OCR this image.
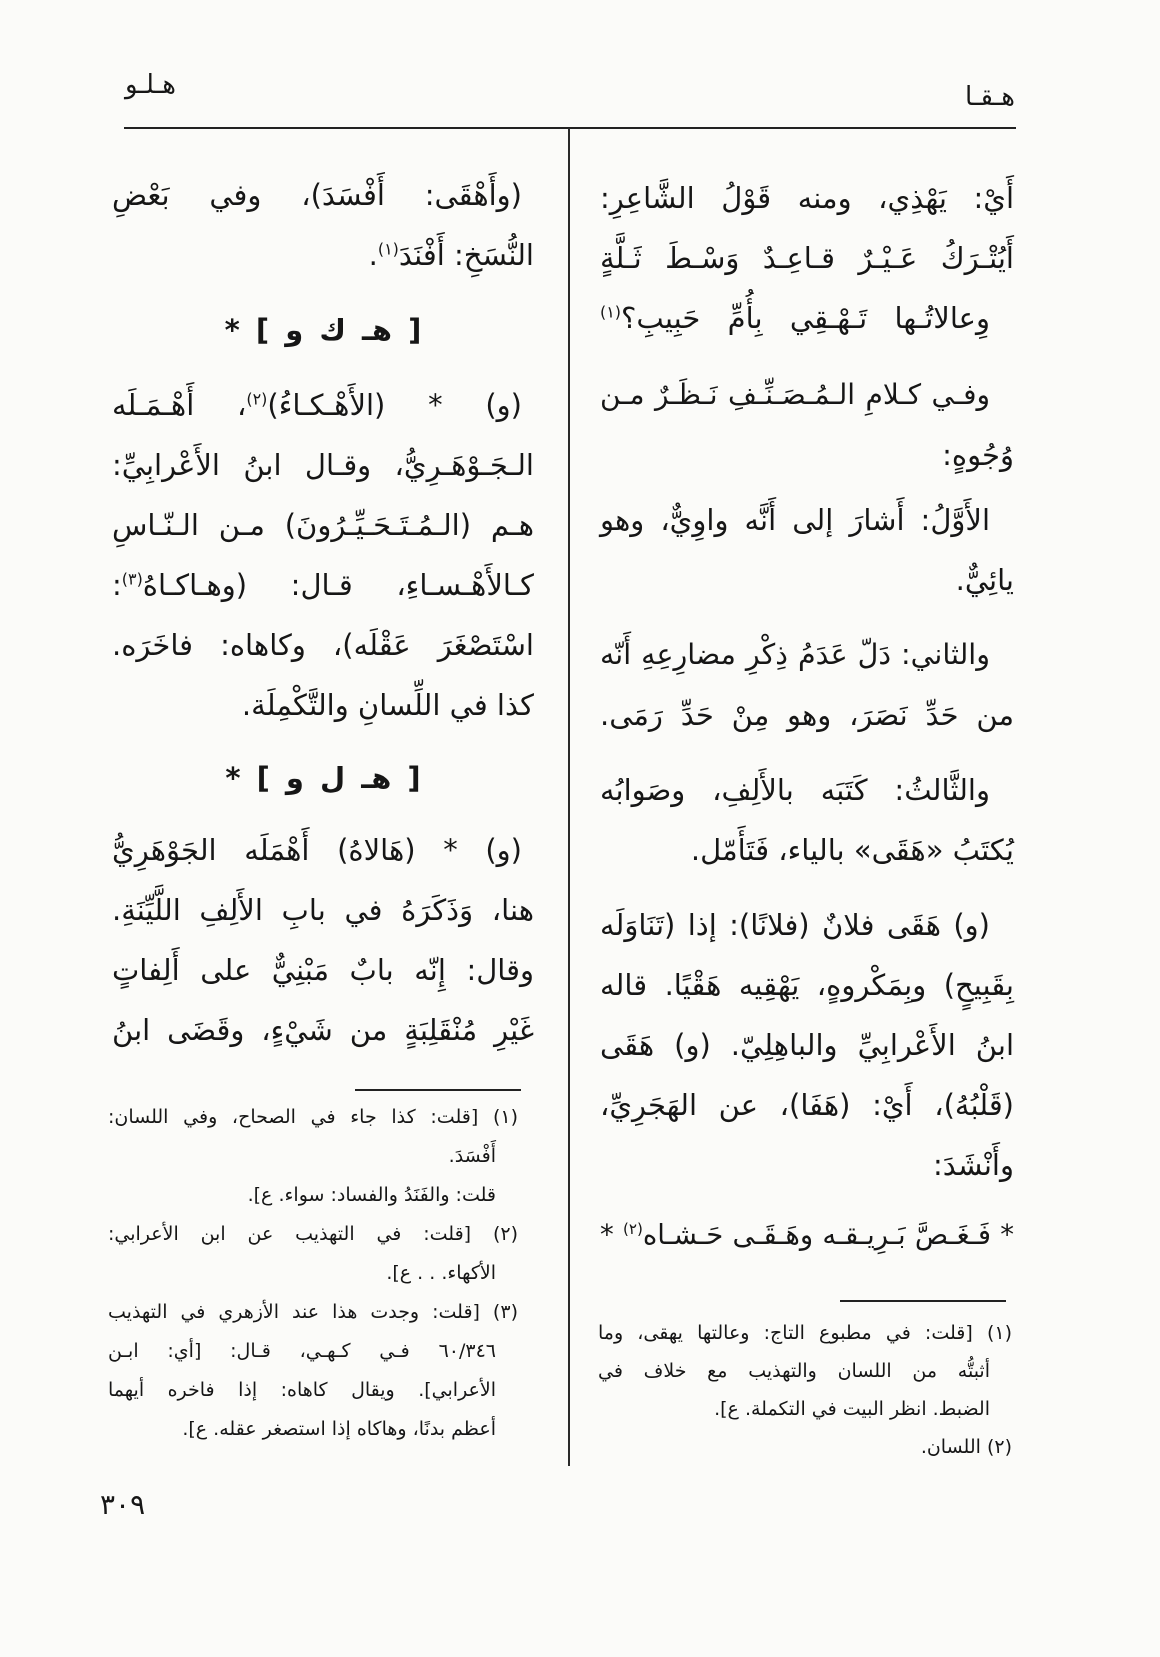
هـقـا
هـلـو
أَيْ: يَهْذِي، ومنه قَوْلُ الشَّاعِرِ:
أَيُتْـرَكُ عَـيْـرٌ قـاعِـدٌ وَسْـطَ ثَـلَّةٍ
وِعالاتُـها تَـهْـقِي بِأُمِّ حَبِيبِ؟$^{(١)}$
وفـي كـلامِ الـمُـصَـنِّـفِ نَـظَـرٌ مـن
وُجُوهٍ:
الأَوَّلُ: أَشارَ إلى أَنَّه واوِيٌّ، وهو
يائِيٌّ.
والثاني: دَلّ عَدَمُ ذِكْرِ مضارِعِهِ أَنّه
من حَدِّ نَصَرَ، وهو مِنْ حَدِّ رَمَى.
والثَّالثُ: كَتَبَه بالأَلِفِ، وصَوابُه
يُكتَبُ «هَقَى» بالياء، فَتَأَمّل.
(و) هَقَى فلانٌ (فلانًا): إذا (تَنَاوَلَه
بِقَبِيحٍ) وبِمَكْروهٍ، يَهْقِيه هَقْيًا. قاله
ابنُ الأَعْرابِيِّ والباهِلِيّ. (و) هَقَى
(قَلْبُهُ)، أَيْ: (هَفَا)، عن الهَجَرِيِّ،
وأَنْشَدَ:
* فَـغَـصَّ بَـرِيـقـه وهَـقَـى حَـشـاه$^{(٢)}$ *
(وأَهْقَى: أَفْسَدَ)، وفي بَعْضِ
النُّسَخِ: أَفْنَدَ$^{(١)}$.
[ هـ ك و ] *
(و) * (الأَهْـكـاءُ)$^{(٢)}$، أَهْـمَـلَه
الـجَـوْهَـرِيُّ، وقـال ابنُ الأَعْرابِيِّ:
هـم (الـمُـتَـحَـيِّـرُونَ) مـن الـنّـاسِ
كـالأَهْـسـاءِ، قـال: (وهـاكـاهُ$^{(٣)}$:
اسْتَصْغَرَ عَقْلَه)، وكاهاه: فاخَرَه.
كذا في اللِّسانِ والتَّكْمِلَة.
[ هـ ل و ] *
(و) * (هَالاهُ) أَهْمَلَه الجَوْهَرِيُّ
هنا، وَذَكَرَهُ في بابِ الأَلِفِ اللَّيِّنَةِ.
وقال: إِنّه بابٌ مَبْنِيٌّ على أَلِفاتٍ
غَيْرِ مُنْقَلِبَةٍ من شَيْءٍ، وقَضَى ابنُ
(١) [قلت: كذا جاء في الصحاح، وفي اللسان:
أَفْسَدَ.
قلت: والفَنَدُ والفساد: سواء. ع].
(٢) [قلت: في التهذيب عن ابن الأعرابي:
الأكهاء. . . ع].
(٣) [قلت: وجدت هذا عند الأزهري في التهذيب
٦٠/٣٤٦ فـي كـهـي، قـال: [أي: ابـن
الأعرابي]. ويقال كاهاه: إذا فاخره أيهما
أعظم بدنًا، وهاكاه إذا استصغر عقله. ع].
(١) [قلت: في مطبوع التاج: وعالتها يهقى، وما
أثبتُّه من اللسان والتهذيب مع خلاف في
الضبط. انظر البيت في التكملة. ع].
(٢) اللسان.
٣٠٩
